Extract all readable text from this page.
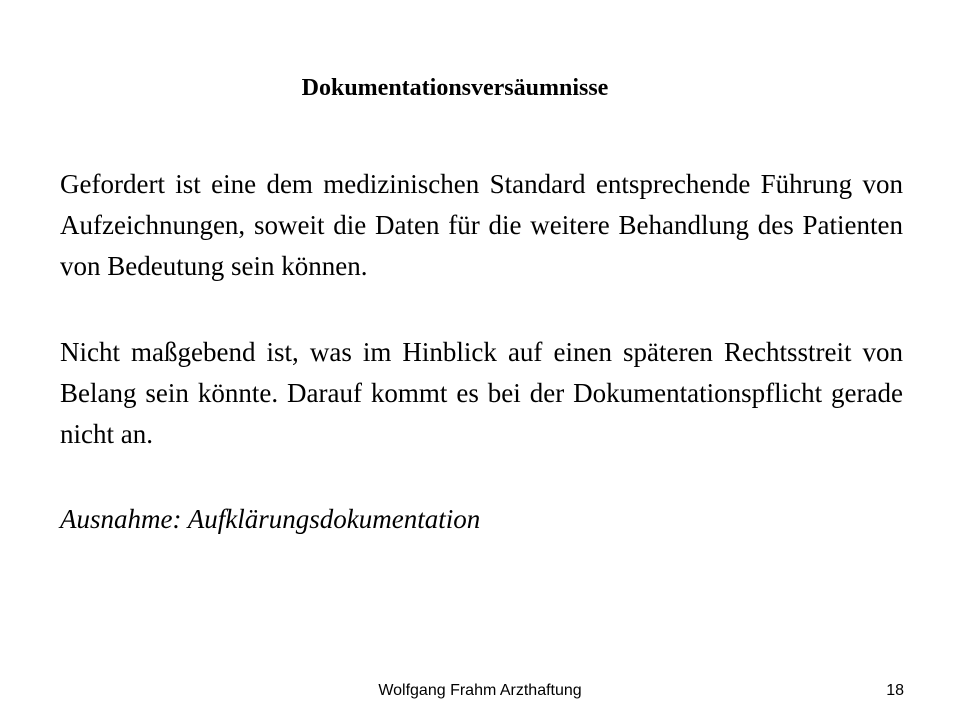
Dokumentationsversäumnisse
Gefordert ist eine dem medizinischen Standard entsprechende Führung von Aufzeichnungen, soweit die Daten für die weitere Behandlung des Patienten von Bedeutung sein können.
Nicht maßgebend ist, was im Hinblick auf einen späteren Rechtsstreit von Belang sein könnte. Darauf kommt es bei der Dokumentationspflicht gerade nicht an.
Ausnahme: Aufklärungsdokumentation
Wolfgang Frahm Arzthaftung	18
